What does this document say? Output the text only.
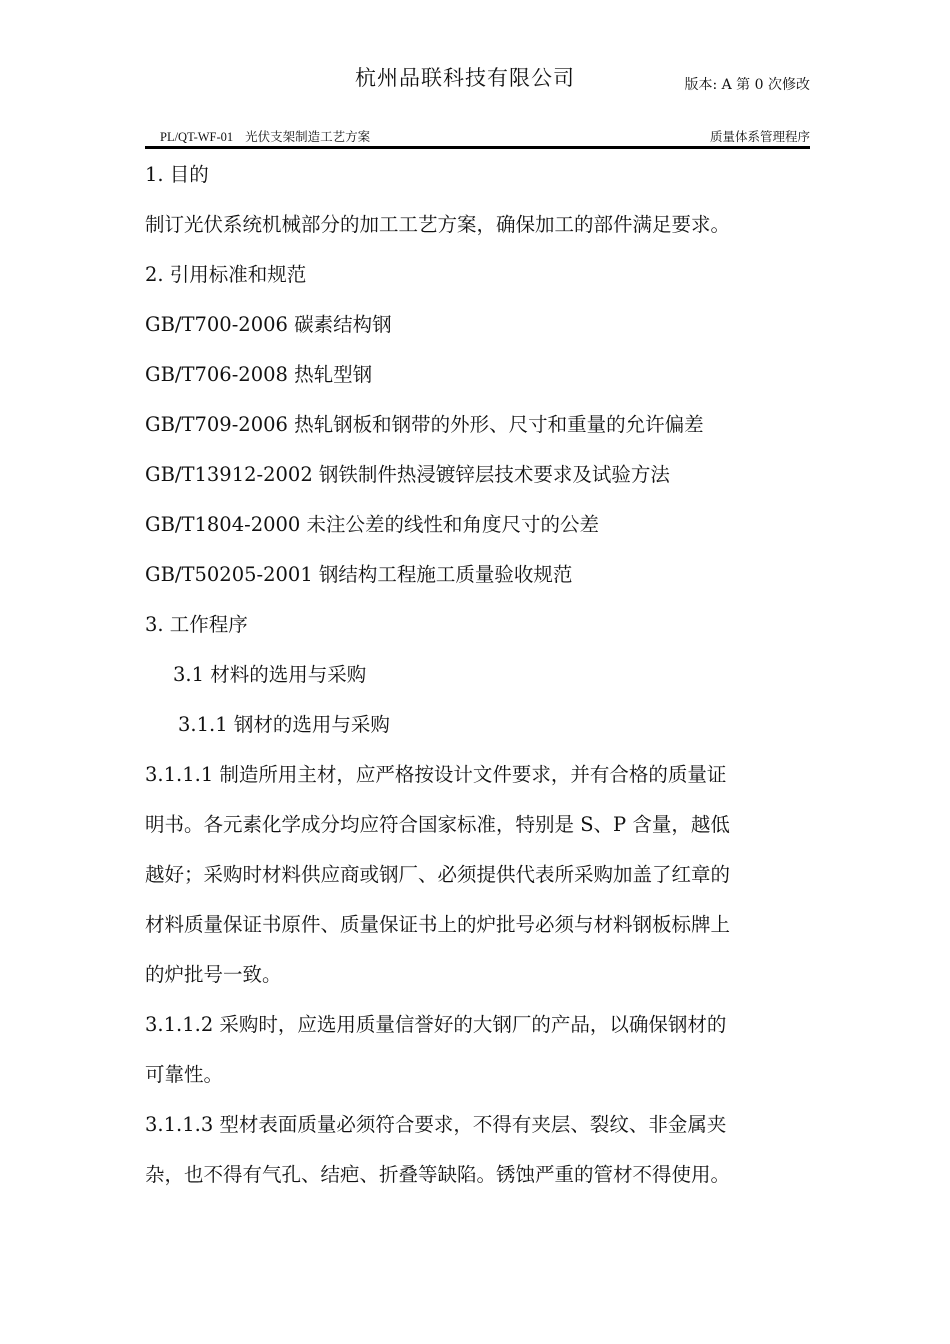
杭州品联科技有限公司	版本: A 第 0 次修改
PL/QT-WF-01 光伏支架制造工艺方案	质量体系管理程序
1. 目的
制订光伏系统机械部分的加工工艺方案，确保加工的部件满足要求。
2. 引用标准和规范
GB/T700-2006 碳素结构钢
GB/T706-2008 热轧型钢
GB/T709-2006 热轧钢板和钢带的外形、尺寸和重量的允许偏差
GB/T13912-2002 钢铁制件热浸镀锌层技术要求及试验方法
GB/T1804-2000 未注公差的线性和角度尺寸的公差
GB/T50205-2001 钢结构工程施工质量验收规范
3. 工作程序
3.1 材料的选用与采购
3.1.1 钢材的选用与采购
3.1.1.1 制造所用主材，应严格按设计文件要求，并有合格的质量证
明书。各元素化学成分均应符合国家标准，特别是 S、P 含量，越低
越好；采购时材料供应商或钢厂、必须提供代表所采购加盖了红章的
材料质量保证书原件、质量保证书上的炉批号必须与材料钢板标牌上
的炉批号一致。
3.1.1.2 采购时，应选用质量信誉好的大钢厂的产品，以确保钢材的
可靠性。
3.1.1.3 型材表面质量必须符合要求，不得有夹层、裂纹、非金属夹
杂，也不得有气孔、结疤、折叠等缺陷。锈蚀严重的管材不得使用。
